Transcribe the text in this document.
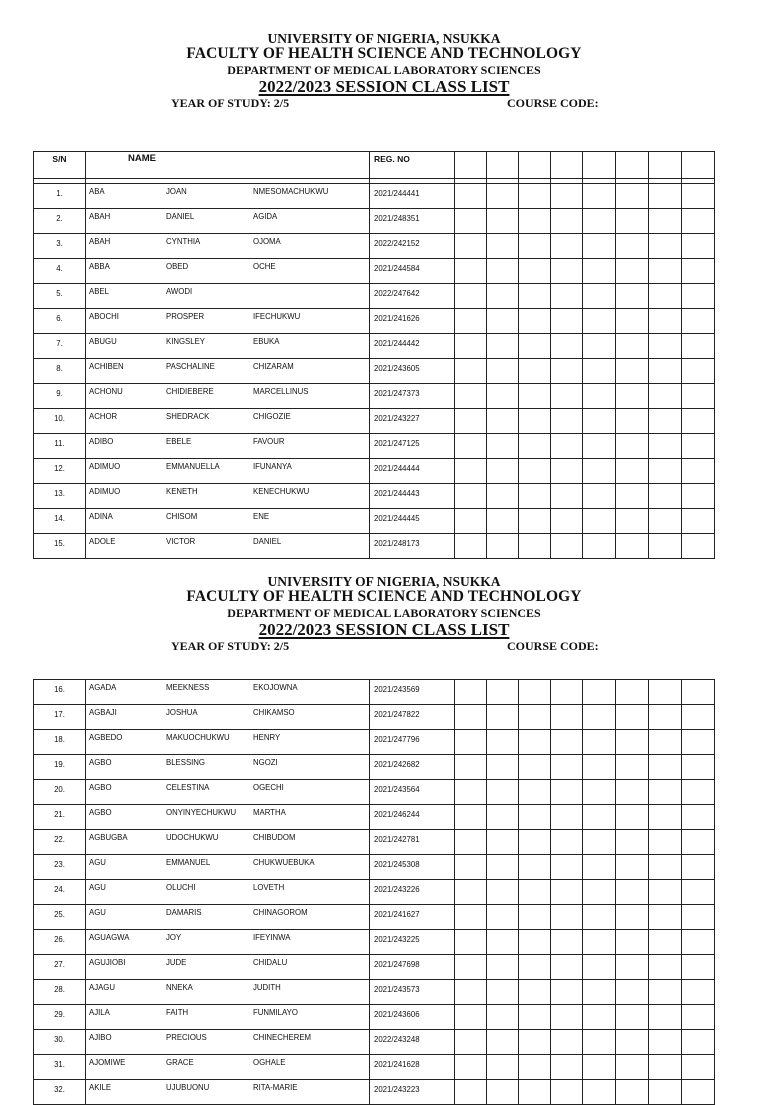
UNIVERSITY OF NIGERIA, NSUKKA
FACULTY OF HEALTH SCIENCE AND TECHNOLOGY
DEPARTMENT OF MEDICAL LABORATORY SCIENCES
2022/2023 SESSION CLASS LIST
YEAR OF STUDY: 2/5	COURSE CODE:
S/N	NAME	REG. NO								

1.	ABA JOAN NMESOMACHUKWU	2021/244441								
2.	ABAH DANIEL AGIDA	2021/248351								
3.	ABAH CYNTHIA OJOMA	2022/242152								
4.	ABBA OBED OCHE	2021/244584								
5.	ABEL AWODI	2022/247642								
6.	ABOCHI PROSPER IFECHUKWU	2021/241626								
7.	ABUGU KINGSLEY EBUKA	2021/244442								
8.	ACHIBEN PASCHALINE CHIZARAM	2021/243605								
9.	ACHONU CHIDIEBERE MARCELLINUS	2021/247373								
10.	ACHOR SHEDRACK CHIGOZIE	2021/243227								
11.	ADIBO EBELE FAVOUR	2021/247125								
12.	ADIMUO EMMANUELLA IFUNANYA	2021/244444								
13.	ADIMUO KENETH KENECHUKWU	2021/244443								
14.	ADINA CHISOM ENE	2021/244445								
15.	ADOLE VICTOR DANIEL	2021/248173								
UNIVERSITY OF NIGERIA, NSUKKA
FACULTY OF HEALTH SCIENCE AND TECHNOLOGY
DEPARTMENT OF MEDICAL LABORATORY SCIENCES
2022/2023 SESSION CLASS LIST
YEAR OF STUDY: 2/5	COURSE CODE:
16.	AGADA MEEKNESS EKOJOWNA	2021/243569								
17.	AGBAJI JOSHUA CHIKAMSO	2021/247822								
18.	AGBEDO MAKUOCHUKWU HENRY	2021/247796								
19.	AGBO BLESSING NGOZI	2021/242682								
20.	AGBO CELESTINA OGECHI	2021/243564								
21.	AGBO ONYINYECHUKWU MARTHA	2021/246244								
22.	AGBUGBA UDOCHUKWU CHIBUDOM	2021/242781								
23.	AGU EMMANUEL CHUKWUEBUKA	2021/245308								
24.	AGU OLUCHI LOVETH	2021/243226								
25.	AGU DAMARIS CHINAGOROM	2021/241627								
26.	AGUAGWA JOY IFEYINWA	2021/243225								
27.	AGUJIOBI JUDE CHIDALU	2021/247698								
28.	AJAGU NNEKA JUDITH	2021/243573								
29.	AJILA FAITH FUNMILAYO	2021/243606								
30.	AJIBO PRECIOUS CHINECHEREM	2022/243248								
31.	AJOMIWE GRACE OGHALE	2021/241628								
32.	AKILE UJUBUONU RITA-MARIE	2021/243223								
